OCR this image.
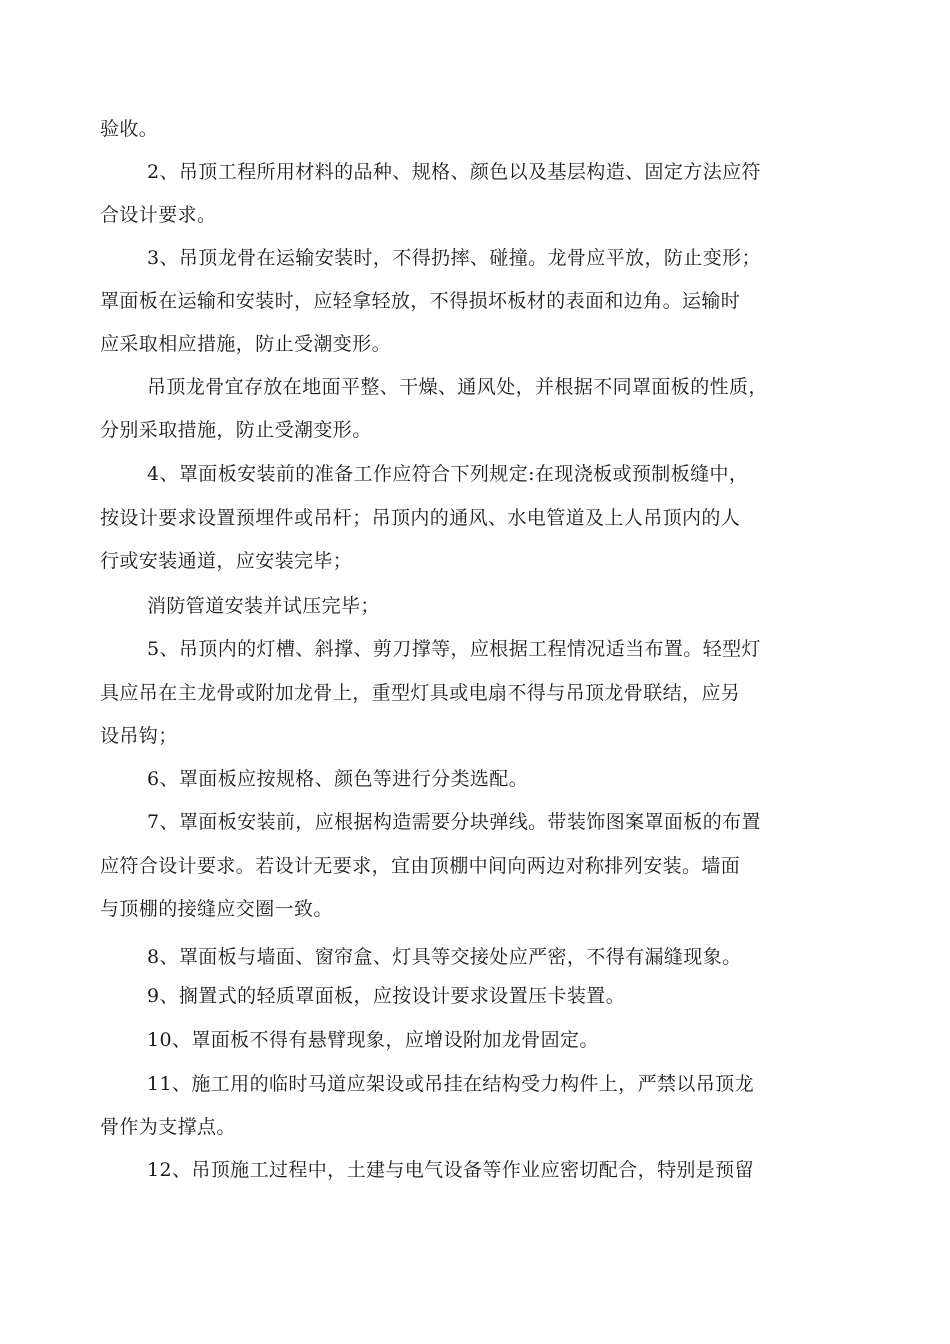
验收。
2、吊顶工程所用材料的品种、规格、颜色以及基层构造、固定方法应符
合设计要求。
3、吊顶龙骨在运输安装时，不得扔摔、碰撞。龙骨应平放，防止变形；
罩面板在运输和安装时，应轻拿轻放，不得损坏板材的表面和边角。运输时
应采取相应措施，防止受潮变形。
吊顶龙骨宜存放在地面平整、干燥、通风处，并根据不同罩面板的性质，
分别采取措施，防止受潮变形。
4、罩面板安装前的准备工作应符合下列规定:在现浇板或预制板缝中，
按设计要求设置预埋件或吊杆；吊顶内的通风、水电管道及上人吊顶内的人
行或安装通道，应安装完毕；
消防管道安装并试压完毕；
5、吊顶内的灯槽、斜撑、剪刀撑等，应根据工程情况适当布置。轻型灯
具应吊在主龙骨或附加龙骨上，重型灯具或电扇不得与吊顶龙骨联结，应另
设吊钩；
6、罩面板应按规格、颜色等进行分类选配。
7、罩面板安装前，应根据构造需要分块弹线。带装饰图案罩面板的布置
应符合设计要求。若设计无要求，宜由顶棚中间向两边对称排列安装。墙面
与顶棚的接缝应交圈一致。
8、罩面板与墙面、窗帘盒、灯具等交接处应严密，不得有漏缝现象。
9、搁置式的轻质罩面板，应按设计要求设置压卡装置。
10、罩面板不得有悬臂现象，应增设附加龙骨固定。
11、施工用的临时马道应架设或吊挂在结构受力构件上，严禁以吊顶龙
骨作为支撑点。
12、吊顶施工过程中，土建与电气设备等作业应密切配合，特别是预留
